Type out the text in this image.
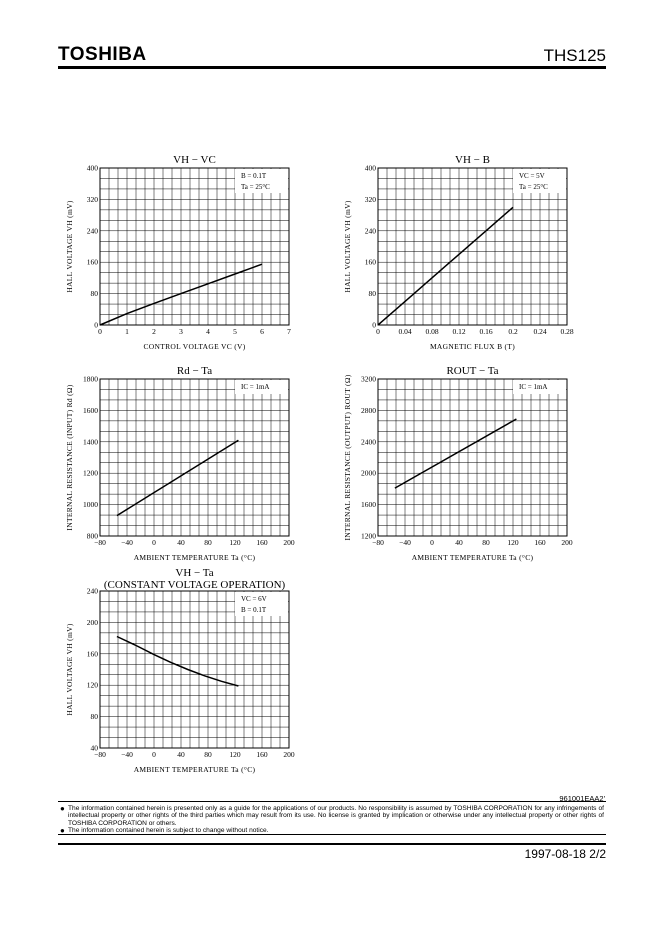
TOSHIBA	THS125
0	1	2	3	4	5	6	7
0
80
160
240
320
400
VH − VC
CONTROL VOLTAGE VC (V)
HALL VOLTAGE VH (mV)
B = 0.1T
Ta = 25°C
0 0.04 0.08 0.12 0.16 0.2 0.24 0.28
0
80
160
240
320
400
VH − B
MAGNETIC FLUX B (T)
HALL VOLTAGE VH (mV)
VC = 5V
Ta = 25°C
−80 −40	0	40	80 120 160 200
800
1000
1200
1400
1600
1800
Rd − Ta
AMBIENT TEMPERATURE Ta (°C)
INTERNAL RESISTANCE (INPUT) Rd (Ω)	IC = 1mA
−80 −40	0	40	80 120 160 200
1200
1600
2000
2400
2800
3200
ROUT − Ta
AMBIENT TEMPERATURE Ta (°C)
INTERNAL RESISTANCE (OUTPUT) ROUT (Ω)	IC = 1mA
−80 −40	0	40	80 120 160 200
40
80
120
160
200
240
VH − Ta
(CONSTANT VOLTAGE OPERATION)
AMBIENT TEMPERATURE Ta (°C)
HALL VOLTAGE VH (mV)
VC = 6V
B = 0.1T
961001EAA2'
● The information contained herein is presented only as a guide for the applications of our products. No responsibility is assumed by TOSHIBA CORPORATION for any infringements of intellectual property or other rights of the third parties which may result from its use. No license is granted by implication or otherwise under any intellectual property or other rights of TOSHIBA CORPORATION or others.
● The information contained herein is subject to change without notice.
1997-08-18 2/2
